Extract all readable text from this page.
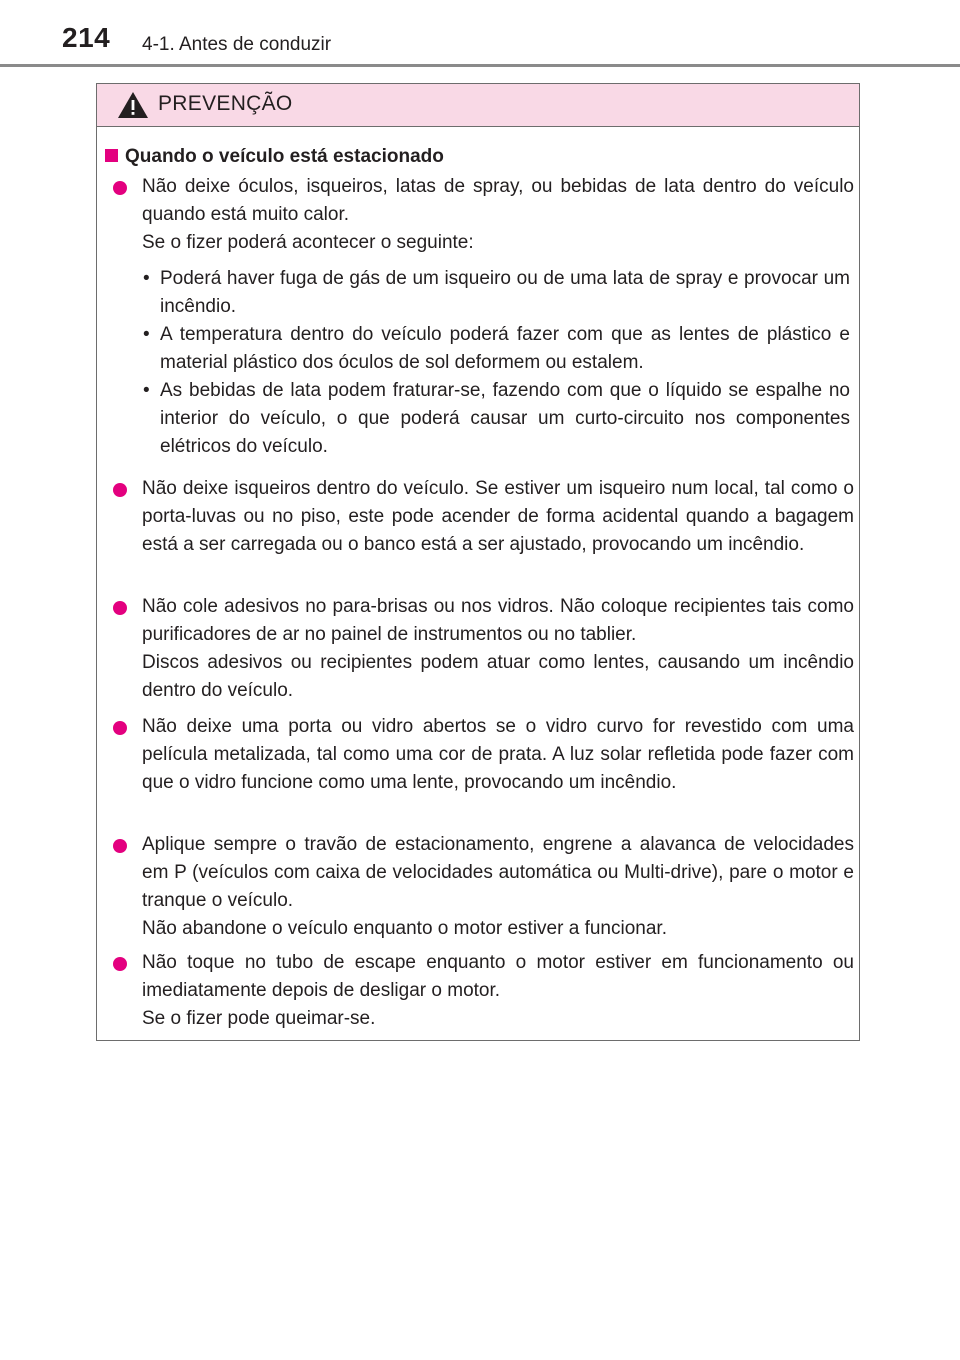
214 4-1. Antes de conduzir
PREVENÇÃO
Quando o veículo está estacionado

Não deixe óculos, isqueiros, latas de spray, ou bebidas de lata dentro do veículo quando está muito calor.

Se o fizer poderá acontecer o seguinte:

• Poderá haver fuga de gás de um isqueiro ou de uma lata de spray e provocar um incêndio.
• A temperatura dentro do veículo poderá fazer com que as lentes de plástico e material plástico dos óculos de sol deformem ou estalem.
• As bebidas de lata podem fraturar-se, fazendo com que o líquido se espalhe no interior do veículo, o que poderá causar um curto-circuito nos componentes elétricos do veículo.

Não deixe isqueiros dentro do veículo. Se estiver um isqueiro num local, tal como o porta-luvas ou no piso, este pode acender de forma acidental quando a bagagem está a ser carregada ou o banco está a ser ajustado, provocando um incêndio.

Não cole adesivos no para-brisas ou nos vidros. Não coloque recipientes tais como purificadores de ar no painel de instrumentos ou no tablier.

Discos adesivos ou recipientes podem atuar como lentes, causando um incêndio dentro do veículo.

Não deixe uma porta ou vidro abertos se o vidro curvo for revestido com uma película metalizada, tal como uma cor de prata. A luz solar refletida pode fazer com que o vidro funcione como uma lente, provocando um incêndio.

Aplique sempre o travão de estacionamento, engrene a alavanca de velocidades em P (veículos com caixa de velocidades automática ou Multi-drive), pare o motor e tranque o veículo.

Não abandone o veículo enquanto o motor estiver a funcionar.

Não toque no tubo de escape enquanto o motor estiver em funcionamento ou imediatamente depois de desligar o motor.

Se o fizer pode queimar-se.
